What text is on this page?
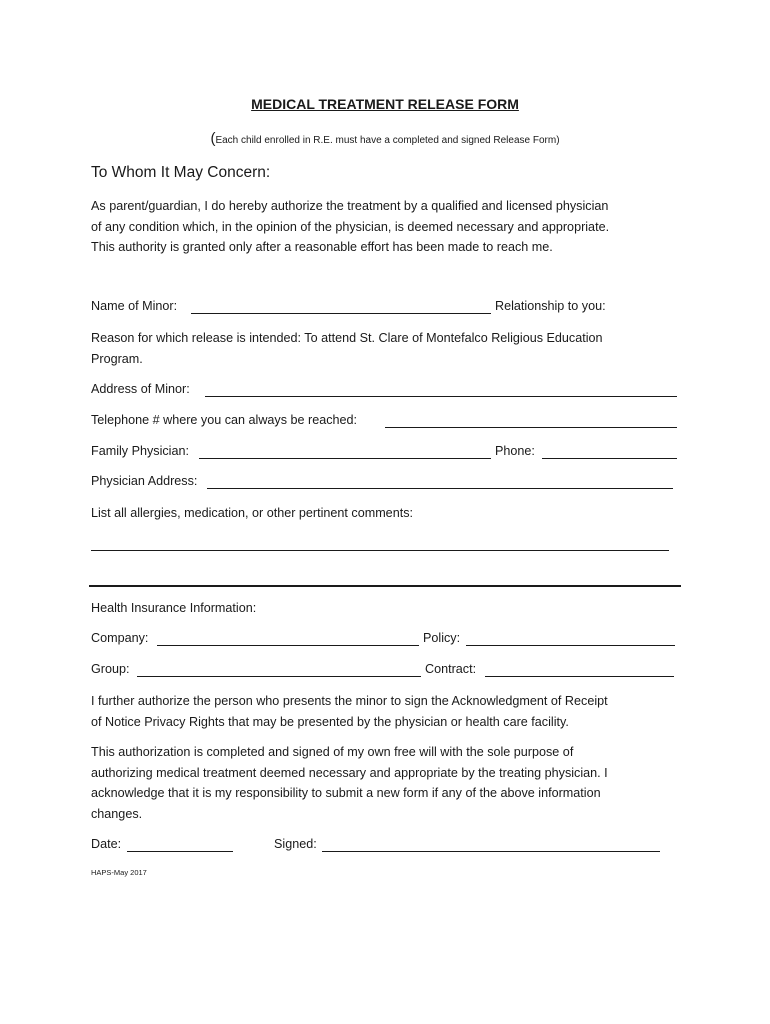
MEDICAL TREATMENT RELEASE FORM
(Each child enrolled in R.E. must have a completed and signed Release Form)
To Whom It May Concern:
As parent/guardian, I do hereby authorize the treatment by a qualified and licensed physician
of any condition which, in the opinion of the physician, is deemed necessary and appropriate.
This authority is granted only after a reasonable effort has been made to reach me.
Name of Minor:	Relationship to you:
Reason for which release is intended: To attend St. Clare of Montefalco Religious Education
Program.
Address of Minor:
Telephone # where you can always be reached:
Family Physician:	Phone:
Physician Address:
List all allergies, medication, or other pertinent comments:
Health Insurance Information:
Company:	Policy:
Group:	Contract:
I further authorize the person who presents the minor to sign the Acknowledgment of Receipt
of Notice Privacy Rights that may be presented by the physician or health care facility.
This authorization is completed and signed of my own free will with the sole purpose of
authorizing medical treatment deemed necessary and appropriate by the treating physician. I
acknowledge that it is my responsibility to submit a new form if any of the above information
changes.
Date:	Signed:
HAPS-May 2017
